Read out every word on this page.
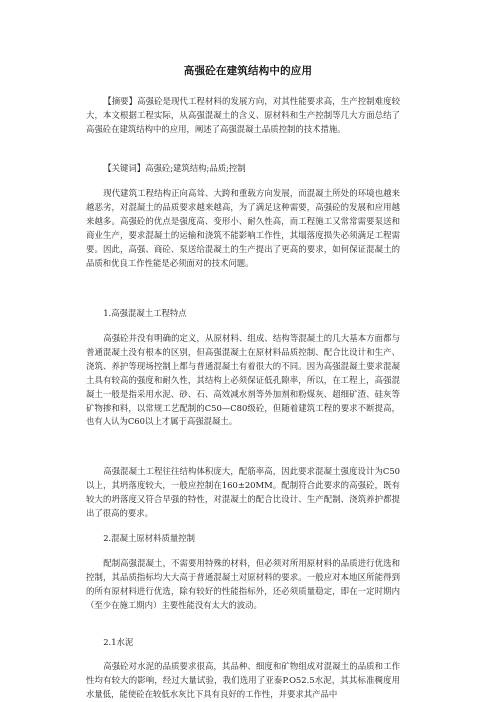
高强砼在建筑结构中的应用

【摘要】高强砼是现代工程材料的发展方向，对其性能要求高，生产控制难度较大，本文根据工程实际，从高强混凝土的含义、原材料和生产控制等几大方面总结了高强砼在建筑结构中的应用，阐述了高强混凝土品质控制的技术措施。

【关键词】高强砼;建筑结构;品质;控制

现代建筑工程结构正向高耸、大跨和重载方向发展，而混凝土所处的环境也越来越恶劣，对混凝土的品质要求越来越高，为了满足这种需要，高强砼的发展和应用越来越多。高强砼的优点是强度高、变形小、耐久性高，而工程施工又常常需要泵送和商业生产，要求混凝土的运输和浇筑不能影响工作性，其塌落度损失必须满足工程需要。因此，高强、商砼、泵送给混凝土的生产提出了更高的要求，如何保证混凝土的品质和优良工作性能是必须面对的技术问题。

1.高强混凝土工程特点

高强砼并没有明确的定义，从原材料、组成、结构等混凝土的几大基本方面都与普通混凝土没有根本的区别，但高强混凝土在原材料品质控制、配合比设计和生产、浇筑、养护等现场控制上都与普通混凝土有着很大的不同。因为高强混凝土要求混凝土具有较高的强度和耐久性，其结构上必须保证低孔隙率，所以，在工程上，高强混凝土一般是指采用水泥、砂、石、高效减水剂等外加剂和粉煤灰、超细矿渣、硅灰等矿物掺和料，以常规工艺配制的C50—C80级砼，但随着建筑工程的要求不断提高，也有人认为C60以上才属于高强混凝土。

高强混凝土工程往往结构体积庞大，配筋率高，因此要求混凝土强度设计为C50以上，其坍落度较大，一般应控制在160±20MM。配制符合此要求的高强砼，既有较大的坍落度又符合早强的特性，对混凝土的配合比设计、生产配制、浇筑养护都提出了很高的要求。

2.混凝土原材料质量控制

配制高强混凝土，不需要用特殊的材料，但必须对所用原材料的品质进行优选和控制，其品质指标均大大高于普通混凝土对原材料的要求。一般应对本地区所能得到的所有原材料进行优选，除有较好的性能指标外，还必须质量稳定，即在一定时期内（至少在施工期内）主要性能没有太大的波动。

2.1水泥

高强砼对水泥的品质要求很高，其品种、细度和矿物组成对混凝土的品质和工作性均有较大的影响，经过大量试验，我们选用了亚泰P.O52.5水泥，其其标准稠度用水量低，能使砼在较低水灰比下具有良好的工作性，并要求其产品中
